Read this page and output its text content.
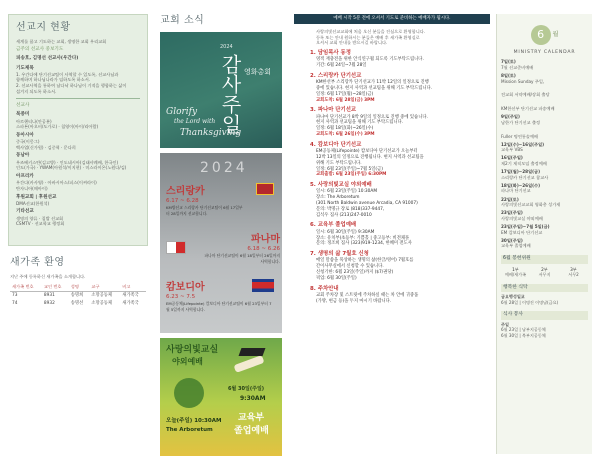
선교지 현황
세계를 품고 기도하는 교회, 생명한 교회 우리교회
금주의 선교사 중보기도
피송호, 김명선 선교사(우간다)
기도제목
1. 우간다에 단기선교팀이 사역할 수 있도록, 선교사님과
함께하며 하나님나라가 임하도록 하소서.
2. 선교사역을 통하여 남다낙 하나님이 기적을 행함하는 삶이
섬겨지 되도록 하소서.
선교사
북중미
아르헨티나(안공분)
스파톤(아오비/도가로) · 칠영이(아이/리아람)
동아시아
중국(이몽그)
백사업(신가원) · 김중혁 · 문다희
동남아
우즈베키스탄(김고방) · 인도네시아(김태샤례배, 한국인)
인도(가국) · YWAM(아원석/이지현) · 미스라이온(노원다/김)
아프리카
우간다(카사영) · 아바시아스/피스(이씨라이)
탄자니아(메아이)
후원교회 | 후원선교
DMA선교(한원석)
기타선교
생명의 양류 · 집밥 선교회
CSMTV · 선교학교 행정회
새가족 환영
지난 주에 등록하신 새가족을 소개합니다.
새가족 번호	교인 번호	성명	교구	비고
73	8931	송명희	소망공동체	새가족국
74	8932	송명선	소망공동체	새가족국
교회 소식
2024
감사주일 영화총회
Glorify
the Lord with
Thanksgiving
2024
스리랑카
6.17 ~ 6.28
KM방선교 스리랑카 단기선교팀이 6월 17일부터 28일까지 선교합니다.
파나마
6.18 ~ 6.26
파나마 단기선교팀이 6월 18일부터 26일까지 사역합니다.
캄보디아
6.23 ~ 7.5
EM공동체(Lifepointe) 캄보디아 단기선교팀이 6월 23일부터 7월 5일까지 사역합니다.
사랑의빛교실
야외예배
오늘(주일) 10:30AM
The Arboretum
6월 30일(주일)
9:30AM
교육부
졸업예배
예배 시작 5분 전에 오셔서 기도로 준비하는 예배자가 됩시다.
사랑의빛선교교회에 처음 오신 분들을 진심으로 환영합니다.
등록 또는 안내 원하시는 분들은 예배 후 새가족 환영실로
오셔서 교회 안내를 받으시길 바랍니다.
1. 담임목사 동정
영적 재충전을 위한 안식연구월 되도록 기도부탁드립니다.
기간: 6월 24일~7월 28일
2. 스리랑카 단기선교
KM한선부 스리랑카 단기선교가 11박 12일의 일정으로 진행
중에 있습니다. 현지 사역과 선교팀을 위해 기도 부탁드립니다.
일정: 6월 17일(월)~28일(금)
교회도착: 6월 28일(금) 3PM
3. 파나마 단기선교
파나마 단기선교가 8박 9일의 일정으로 진행 중에 있습니다.
현지 사역과 선교팀을 위해 기도 부탁드립니다.
일정: 6월 18일(화)~26일(수)
교회도착: 6월 26일(수) 3PM
4. 캄보디아 단기선교
EM공동체(Lifepointe) 캄보디아 단기선교가 오늘부터
12박 13일의 일정으로 진행됩니다. 현지 사역과 선교팀을
위해 기도 부탁드립니다.
일정: 6월 23일(주일)~7월 5일(금)
교회출발: 6월 23일(주일) 6:30PM
5. 사랑의빛교실 야외예배
일시: 6월 23일(주일) 10:30AM
장소: The Arboretum
(301 North Baldwin avenue Arcadia, CA 91007)
문의: 박명규 장로 (818)337-9447,
김석우 집사 (213)247-0010
6. 교육부 졸업예배
일시: 6월 30일(주일) 9:30AM
장소: 유치부(초등부: 기쁨홀 | 중고등부: 비전채플
문의: 정조희 집사 (323)919-1234, 한혜미 전도사
7. 생명의 삶 7월호 신청
매일 말씀을 묵상하는 생명의 삶(한글/영어) 7월호를
간이사무실에서 신청할 수 있습니다.
신청기한: 6월 23일(주일)까지 ($7/권당)
픽업: 6월 30일(주일)
8. 주차안내
교회 주차장 및 스트릿에 주차하실 때는 차 안에 귀중품
(가방, 현금 등)을 두지 마시기 바랍니다.
6	월
MINISTRY CALENDAR
7일(토)
7월 선교준비예배
8일(토)
Mission Sunday 주일,

전교회 서약예배/장회 출당

KM한선부 단기선교 파송예배
9일(주일)
남한가 단기선교 출정

Fuller 명연통솔예배
12일(수)~16일(주일)
교육부 VBS
16일(주일)
제2기 제직모임 출정예배
17일(월)~28일(금)
스리랑카 단기선교 참교사
18일(화)~26일(수)
파나마 단기선교
22일(토)
사랑의빛선교교회 영화총 성가제
23일(주일)
사랑의빛교실 야외예배
23일(주일)~7월 5일(금)
EM 캄보디아 단기선교
30일(주일)
교육부 졸업예배
6월 봉헌위원
1부
예배/새가족
2부
서무지
3부
서무2
행복한 식탁
금요행성일교
6월 28일 | 이명진 이명남(금요)
식사 봉사
주일
6월 23일 | 남부지공동체
6월 30일 | 북부지공동체
